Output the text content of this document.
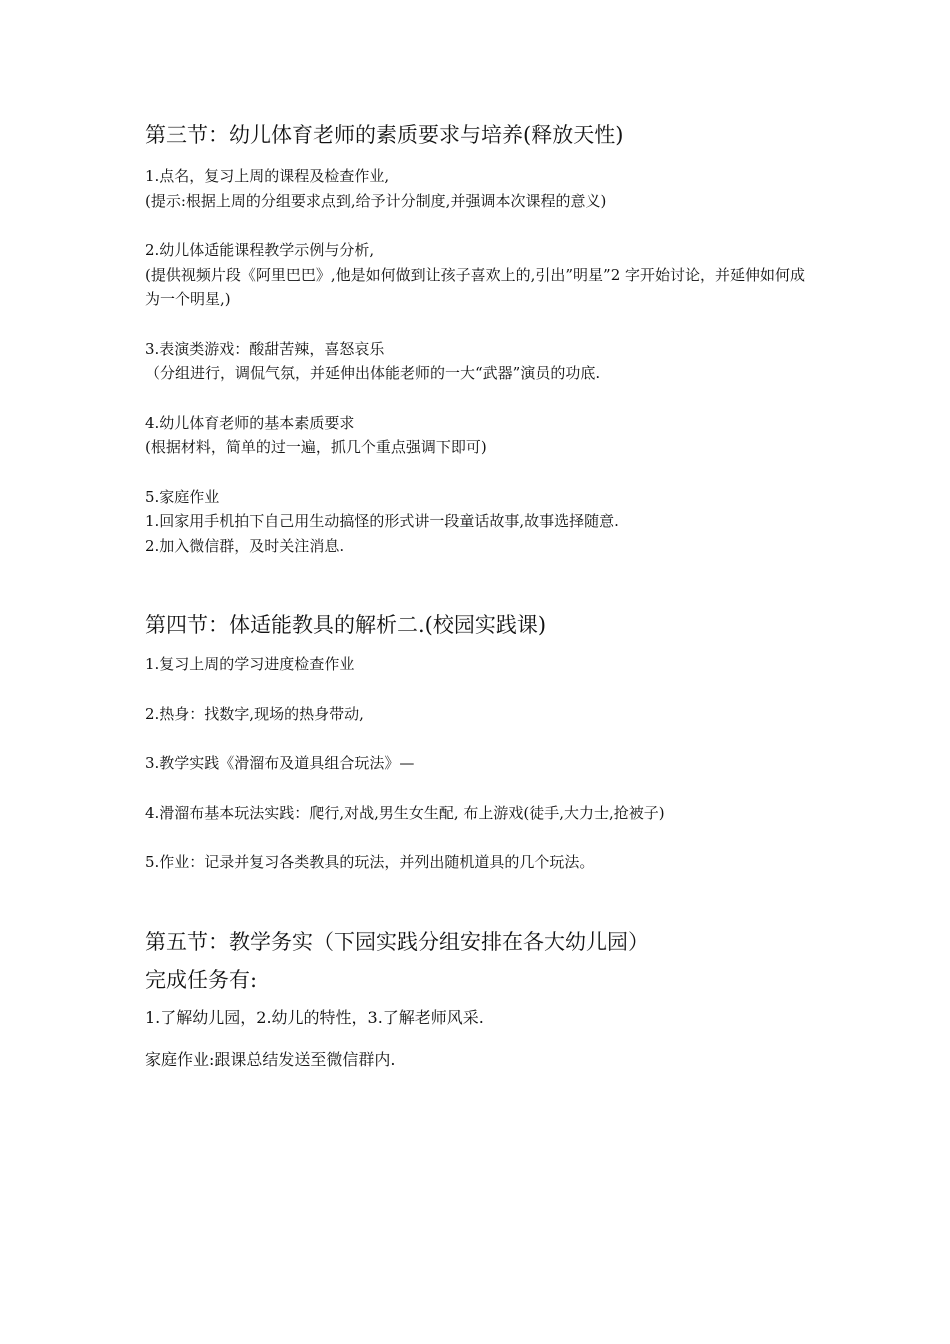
第三节：幼儿体育老师的素质要求与培养(释放天性)

1.点名，复习上周的课程及检查作业,

(提示:根据上周的分组要求点到,给予计分制度,并强调本次课程的意义)

2.幼儿体适能课程教学示例与分析,

(提供视频片段《阿里巴巴》,他是如何做到让孩子喜欢上的,引出”明星”2 字开始讨论，并延伸如何成为一个明星,)

3.表演类游戏：酸甜苦辣，喜怒哀乐

（分组进行，调侃气氛，并延伸出体能老师的一大“武器”演员的功底.

4.幼儿体育老师的基本素质要求

(根据材料，简单的过一遍，抓几个重点强调下即可)

5.家庭作业

1.回家用手机拍下自己用生动搞怪的形式讲一段童话故事,故事选择随意.

2.加入微信群，及时关注消息.

第四节：体适能教具的解析二.(校园实践课)

1.复习上周的学习进度检查作业

2.热身：找数字,现场的热身带动,

3.教学实践《滑溜布及道具组合玩法》—

4.滑溜布基本玩法实践：爬行,对战,男生女生配, 布上游戏(徒手,大力士,抢被子)

5.作业：记录并复习各类教具的玩法，并列出随机道具的几个玩法。

第五节：教学务实（下园实践分组安排在各大幼儿园）
完成任务有:

1.了解幼儿园，2.幼儿的特性，3.了解老师风采.

家庭作业:跟课总结发送至微信群内.
